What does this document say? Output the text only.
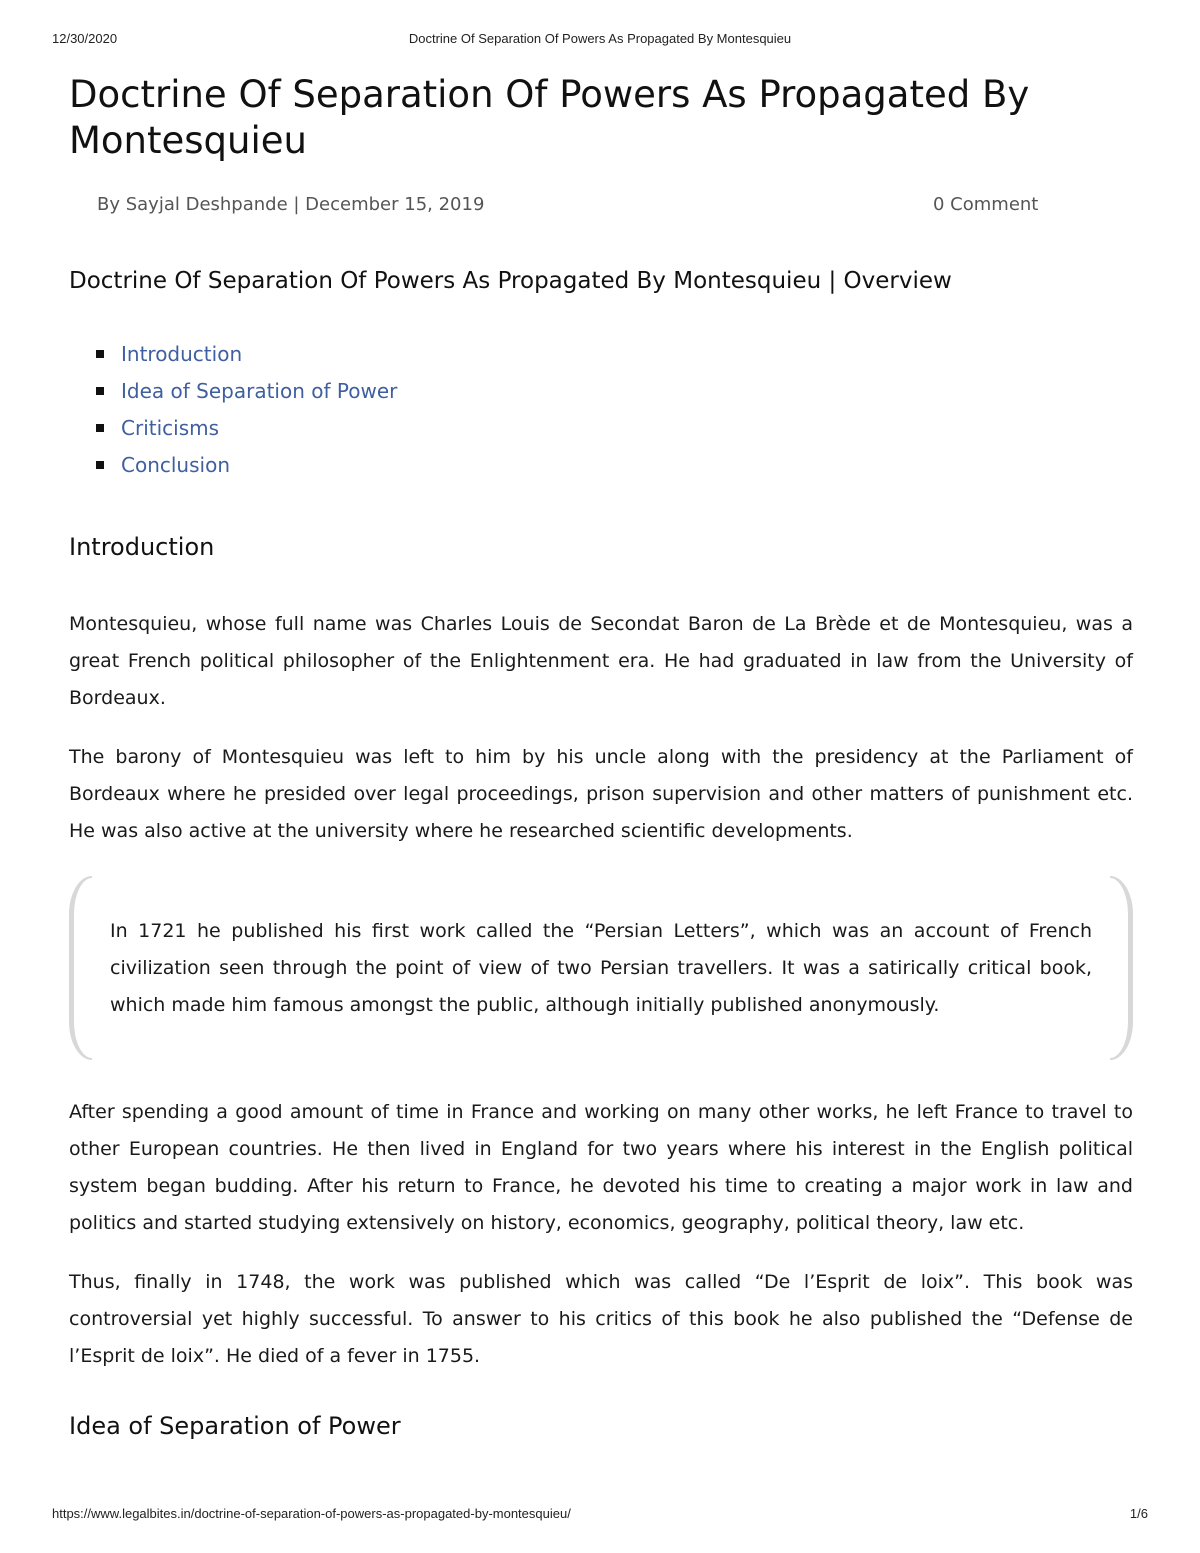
12/30/2020	Doctrine Of Separation Of Powers As Propagated By Montesquieu
Doctrine Of Separation Of Powers As Propagated By Montesquieu
By Sayjal Deshpande | December 15, 2019	0 Comment
Doctrine Of Separation Of Powers As Propagated By Montesquieu | Overview
Introduction
Idea of Separation of Power
Criticisms
Conclusion
Introduction

Montesquieu, whose full name was Charles Louis de Secondat Baron de La Brède et de Montesquieu, was a great French political philosopher of the Enlightenment era. He had graduated in law from the University of Bordeaux.

The barony of Montesquieu was left to him by his uncle along with the presidency at the Parliament of Bordeaux where he presided over legal proceedings, prison supervision and other matters of punishment etc. He was also active at the university where he researched scientific developments.

In 1721 he published his first work called the “Persian Letters”, which was an account of French civilization seen through the point of view of two Persian travellers. It was a satirically critical book, which made him famous amongst the public, although initially published anonymously.

After spending a good amount of time in France and working on many other works, he left France to travel to other European countries. He then lived in England for two years where his interest in the English political system began budding. After his return to France, he devoted his time to creating a major work in law and politics and started studying extensively on history, economics, geography, political theory, law etc.

Thus, finally in 1748, the work was published which was called “De l’Esprit de loix”. This book was controversial yet highly successful. To answer to his critics of this book he also published the “Defense de l’Esprit de loix”. He died of a fever in 1755.

Idea of Separation of Power
https://www.legalbites.in/doctrine-of-separation-of-powers-as-propagated-by-montesquieu/	1/6
